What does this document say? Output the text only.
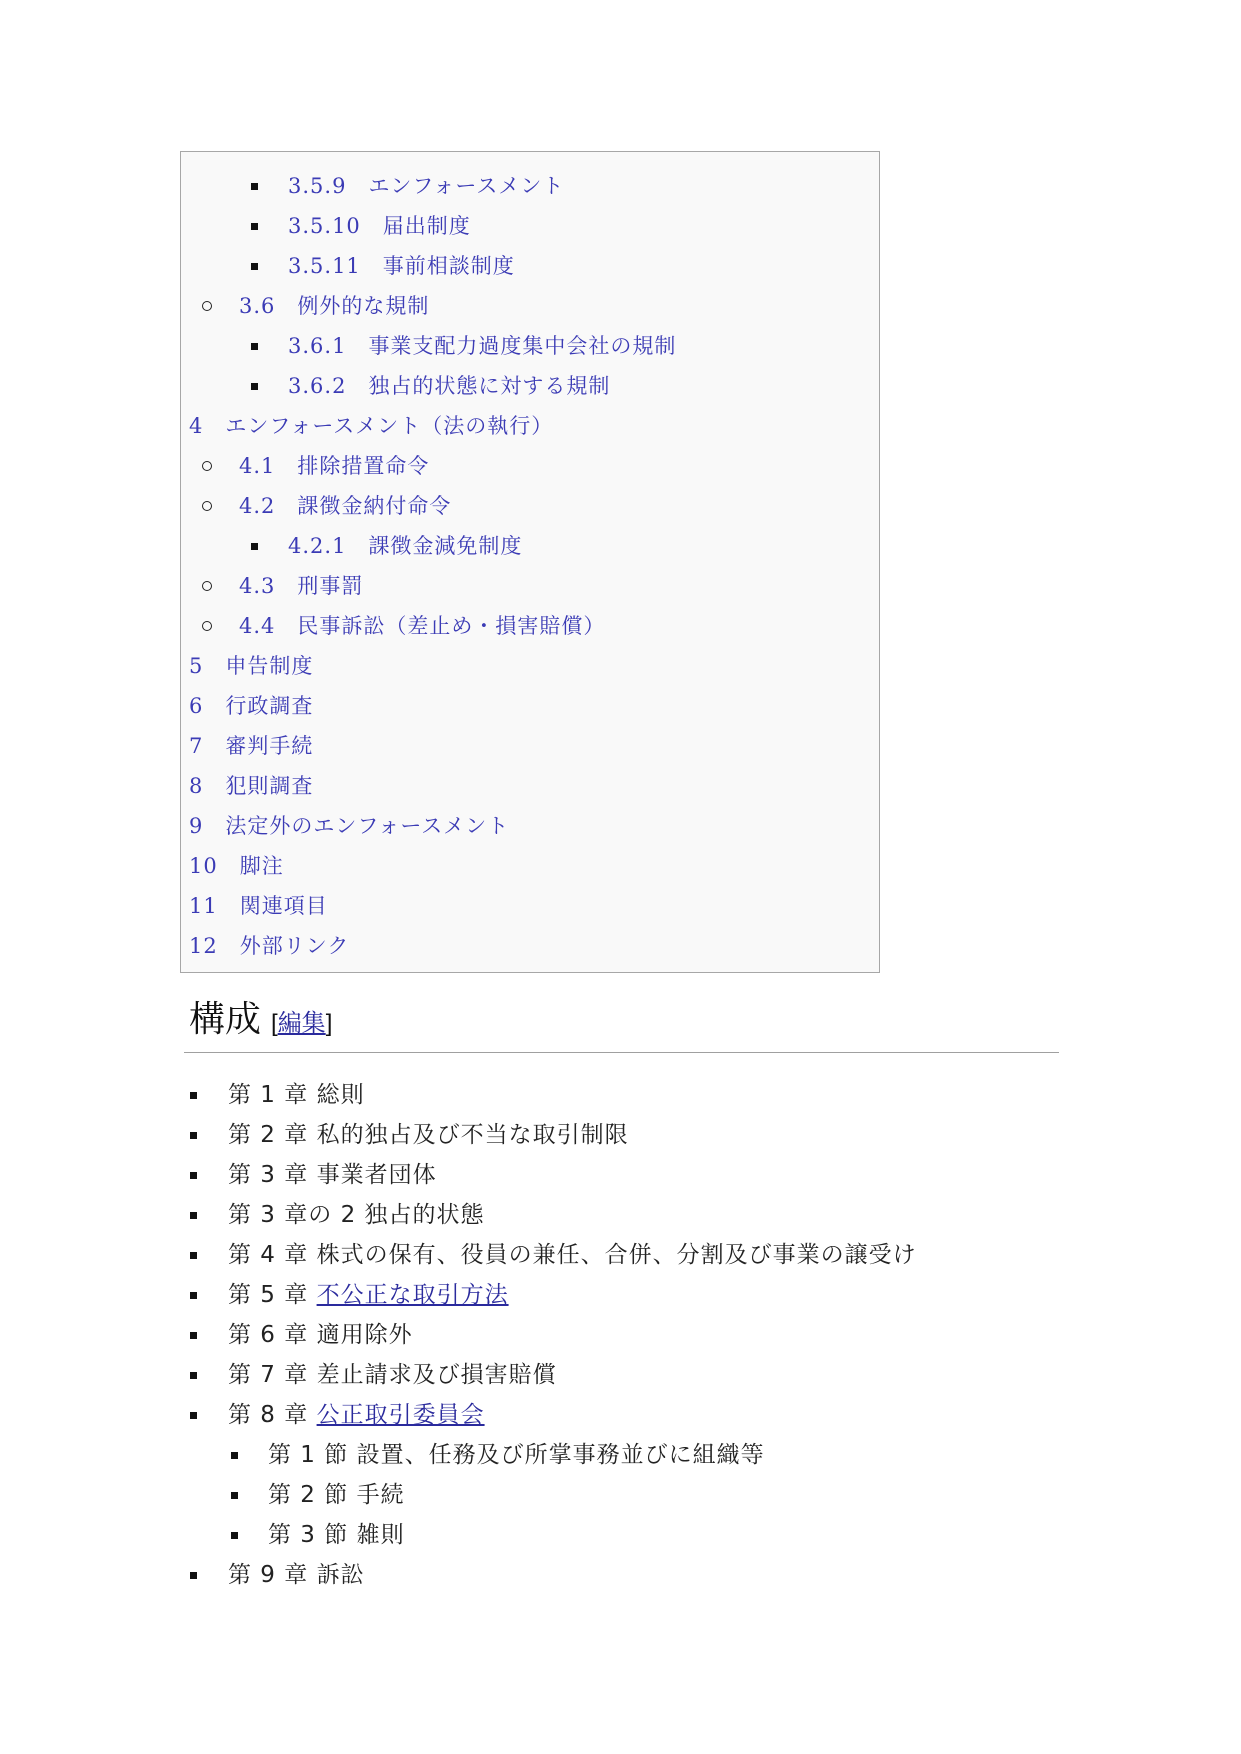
3.5.9 エンフォースメント
3.5.10 届出制度
3.5.11 事前相談制度
3.6 例外的な規制
3.6.1 事業支配力過度集中会社の規制
3.6.2 独占的状態に対する規制
4 エンフォースメント（法の執行）
4.1 排除措置命令
4.2 課徴金納付命令
4.2.1 課徴金減免制度
4.3 刑事罰
4.4 民事訴訟（差止め・損害賠償）
5 申告制度
6 行政調査
7 審判手続
8 犯則調査
9 法定外のエンフォースメント
10 脚注
11 関連項目
12 外部リンク
構成 [編集]
第 1 章 総則
第 2 章 私的独占及び不当な取引制限
第 3 章 事業者団体
第 3 章の 2 独占的状態
第 4 章 株式の保有、役員の兼任、合併、分割及び事業の譲受け
第 5 章 不公正な取引方法
第 6 章 適用除外
第 7 章 差止請求及び損害賠償
第 8 章 公正取引委員会
第 1 節 設置、任務及び所掌事務並びに組織等
第 2 節 手続
第 3 節 雑則
第 9 章 訴訟
